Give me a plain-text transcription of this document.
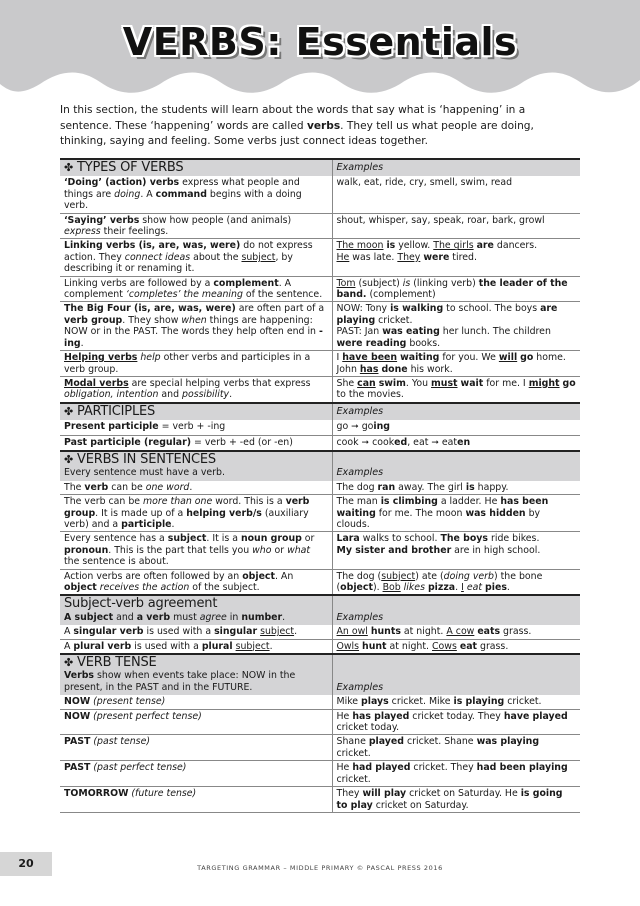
VERBS: Essentials
In this section, the students will learn about the words that say what is ‘happening’ in a sentence. These ‘happening’ words are called verbs. They tell us what people are doing, thinking, saying and feeling. Some verbs just connect ideas together.
✤ TYPES OF VERBS	Examples
‘Doing’ (action) verbs express what people and things are doing. A command begins with a doing verb.	walk, eat, ride, cry, smell, swim, read
‘Saying’ verbs show how people (and animals) express their feelings.	shout, whisper, say, speak, roar, bark, growl
Linking verbs (is, are, was, were) do not express action. They connect ideas about the subject, by describing it or renaming it.	The moon is yellow. The girls are dancers.
He was late. They were tired.
Linking verbs are followed by a complement. A complement ‘completes’ the meaning of the sentence.	Tom (subject) is (linking verb) the leader of the band. (complement)
The Big Four (is, are, was, were) are often part of a verb group. They show when things are happening: NOW or in the PAST. The words they help often end in -ing.	NOW: Tony is walking to school. The boys are playing cricket.
PAST: Jan was eating her lunch. The children were reading books.
Helping verbs help other verbs and participles in a verb group.	I have been waiting for you. We will go home. John has done his work.
Modal verbs are special helping verbs that express obligation, intention and possibility.	She can swim. You must wait for me. I might go to the movies.
✤ PARTICIPLES	Examples
Present participle = verb + -ing	go ➞ going
Past participle (regular) = verb + -ed (or -en)	cook ➞ cooked, eat ➞ eaten
✤ VERBS IN SENTENCES
Every sentence must have a verb.	Examples
The verb can be one word.	The dog ran away. The girl is happy.
The verb can be more than one word. This is a verb group. It is made up of a helping verb/s (auxiliary verb) and a participle.	The man is climbing a ladder. He has been waiting for me. The moon was hidden by clouds.
Every sentence has a subject. It is a noun group or pronoun. This is the part that tells you who or what the sentence is about.	Lara walks to school. The boys ride bikes.
My sister and brother are in high school.
Action verbs are often followed by an object. An object receives the action of the subject.	The dog (subject) ate (doing verb) the bone (object). Bob likes pizza. I eat pies.
Subject-verb agreement
A subject and a verb must agree in number.	Examples
A singular verb is used with a singular subject.	An owl hunts at night. A cow eats grass.
A plural verb is used with a plural subject.	Owls hunt at night. Cows eat grass.
✤ VERB TENSE
Verbs show when events take place: NOW in the present, in the PAST and in the FUTURE.	Examples
NOW (present tense)	Mike plays cricket. Mike is playing cricket.
NOW (present perfect tense)	He has played cricket today. They have played cricket today.
PAST (past tense)	Shane played cricket. Shane was playing cricket.
PAST (past perfect tense)	He had played cricket. They had been playing cricket.
TOMORROW (future tense)	They will play cricket on Saturday. He is going to play cricket on Saturday.
20	TARGETING GRAMMAR – MIDDLE PRIMARY © PASCAL PRESS 2016
